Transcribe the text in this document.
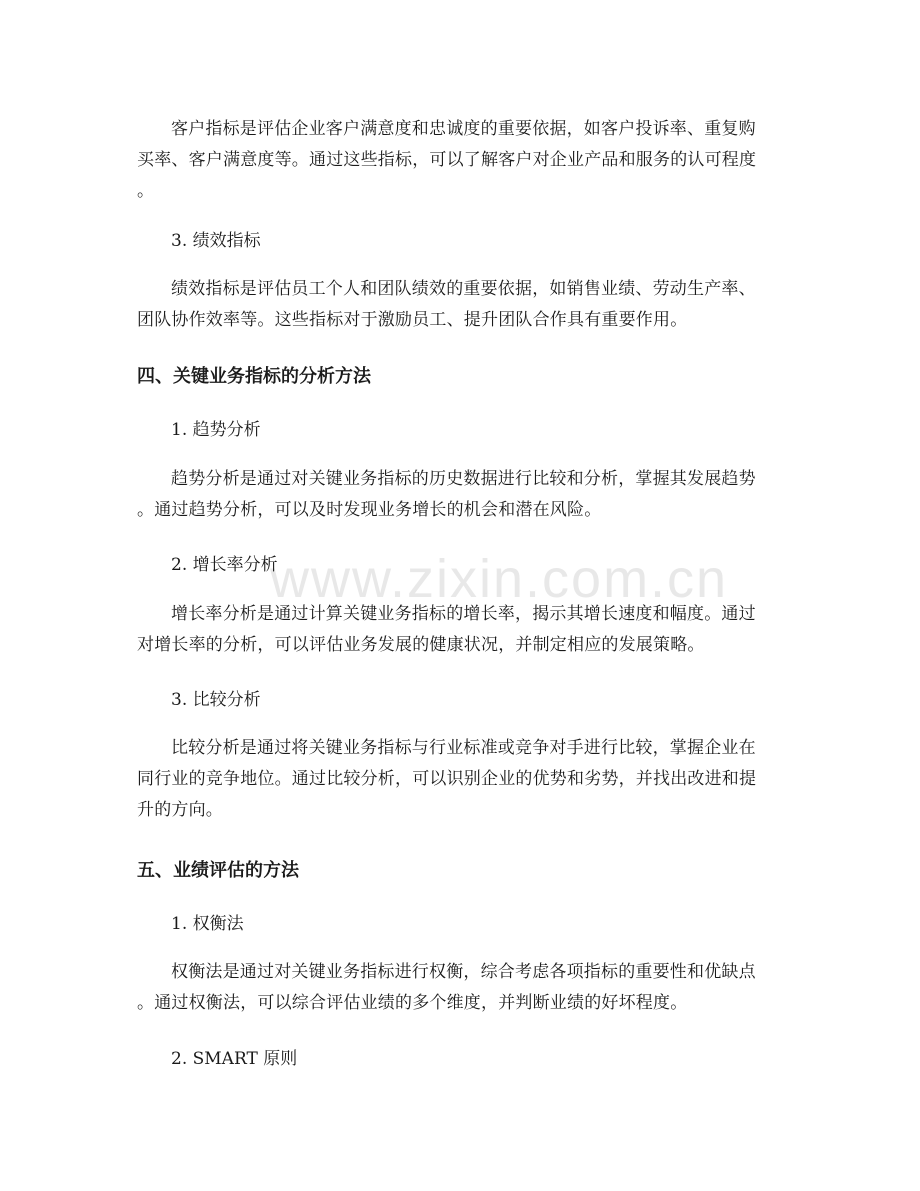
www.zixin.com.cn

客户指标是评估企业客户满意度和忠诚度的重要依据，如客户投诉率、重复购
买率、客户满意度等。通过这些指标，可以了解客户对企业产品和服务的认可程度
。

3. 绩效指标

绩效指标是评估员工个人和团队绩效的重要依据，如销售业绩、劳动生产率、
团队协作效率等。这些指标对于激励员工、提升团队合作具有重要作用。

四、关键业务指标的分析方法

1. 趋势分析

趋势分析是通过对关键业务指标的历史数据进行比较和分析，掌握其发展趋势
。通过趋势分析，可以及时发现业务增长的机会和潜在风险。

2. 增长率分析

增长率分析是通过计算关键业务指标的增长率，揭示其增长速度和幅度。通过
对增长率的分析，可以评估业务发展的健康状况，并制定相应的发展策略。

3. 比较分析

比较分析是通过将关键业务指标与行业标准或竞争对手进行比较，掌握企业在
同行业的竞争地位。通过比较分析，可以识别企业的优势和劣势，并找出改进和提
升的方向。

五、业绩评估的方法

1. 权衡法

权衡法是通过对关键业务指标进行权衡，综合考虑各项指标的重要性和优缺点
。通过权衡法，可以综合评估业绩的多个维度，并判断业绩的好坏程度。

2. SMART 原则
